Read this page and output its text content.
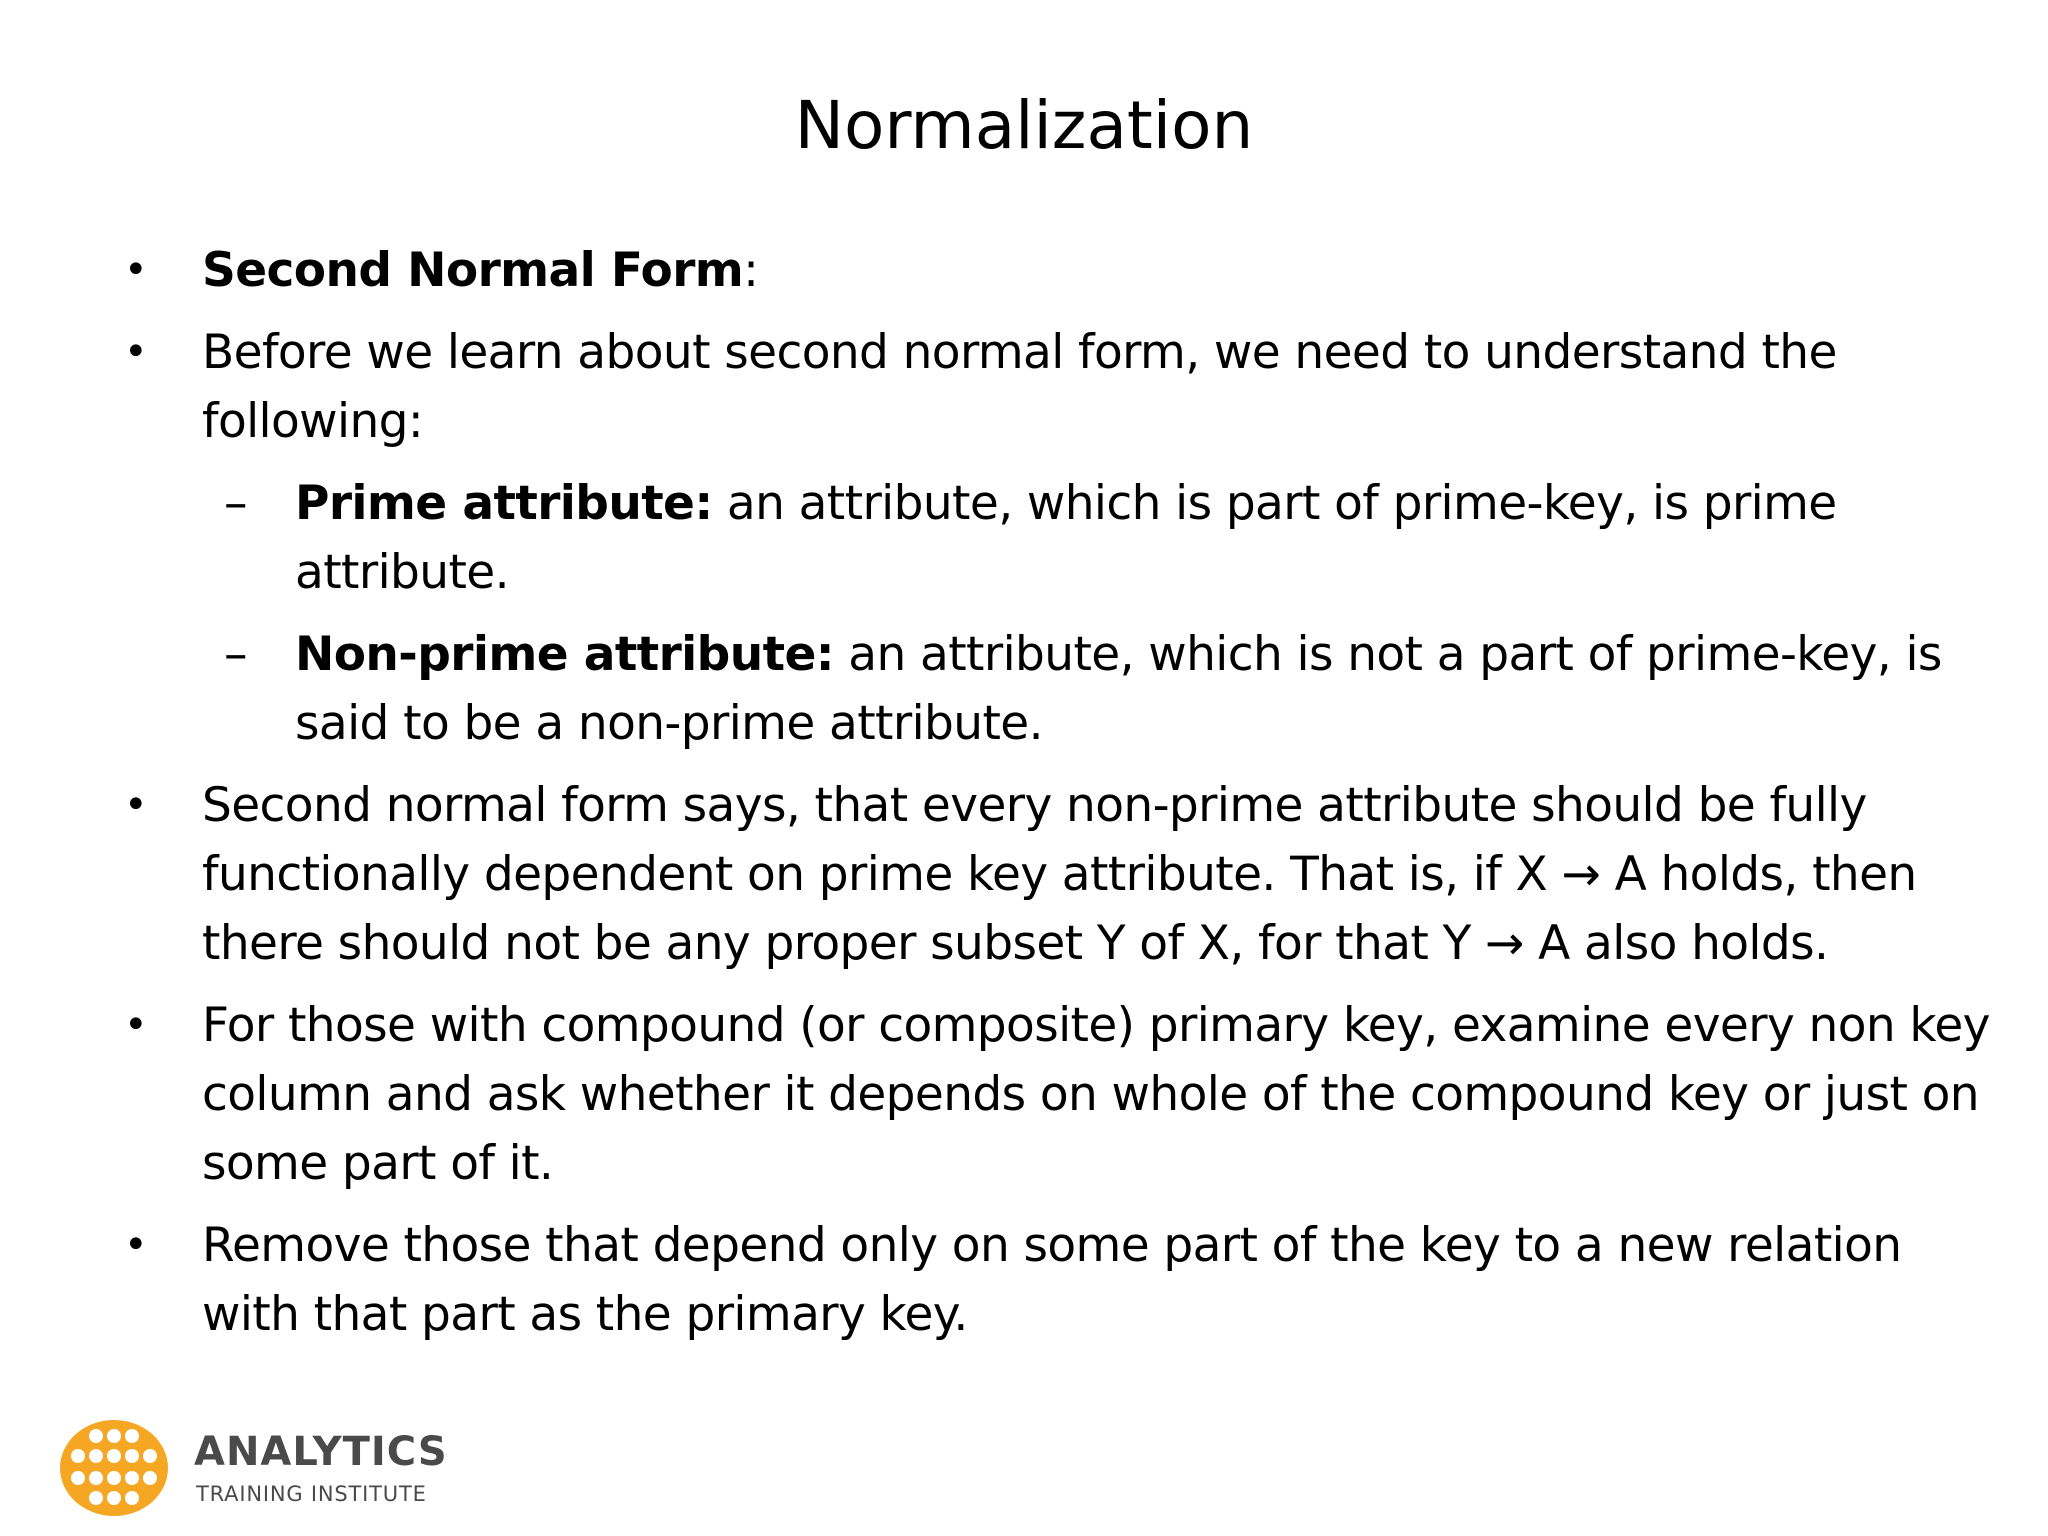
Normalization
• Second Normal Form:
• Before we learn about second normal form, we need to understand the following:
– Prime attribute: an attribute, which is part of prime-key, is prime attribute.
– Non-prime attribute: an attribute, which is not a part of prime-key, is said to be a non-prime attribute.
• Second normal form says, that every non-prime attribute should be fully functionally dependent on prime key attribute. That is, if X → A holds, then there should not be any proper subset Y of X, for that Y → A also holds.
• For those with compound (or composite) primary key, examine every non key column and ask whether it depends on whole of the compound key or just on some part of it.
• Remove those that depend only on some part of the key to a new relation with that part as the primary key.
ANALYTICS
TRAINING INSTITUTE
